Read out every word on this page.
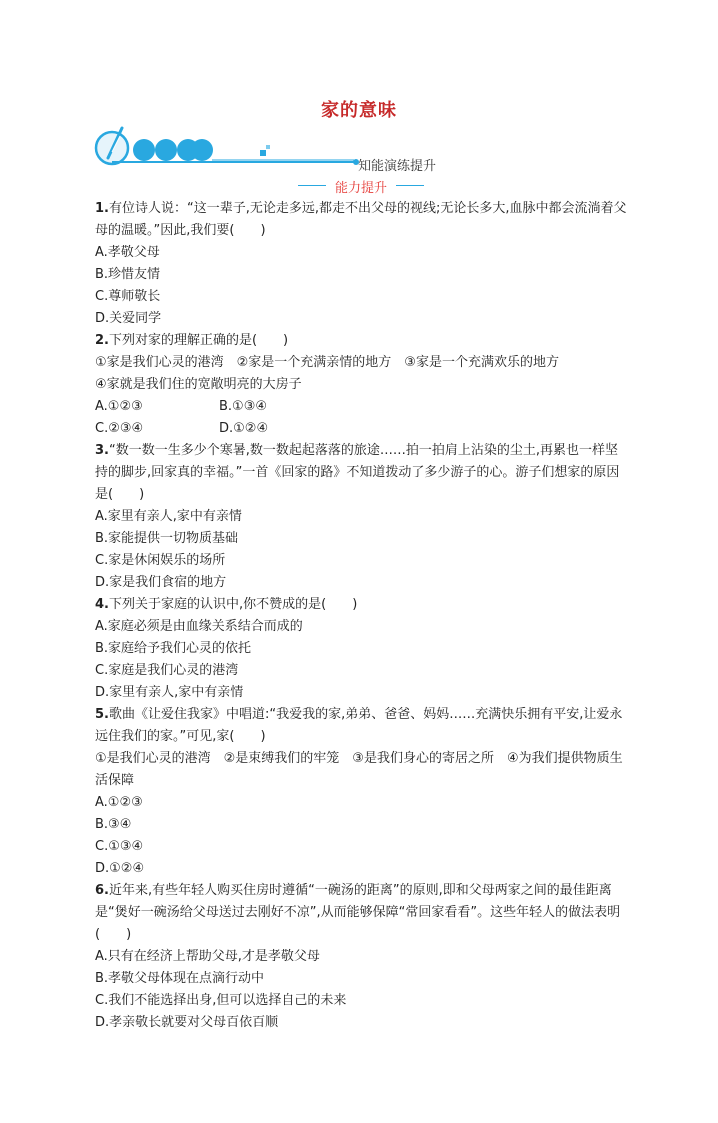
家的意味
知能演练提升
能力提升

1.有位诗人说：“这一辈子,无论走多远,都走不出父母的视线;无论长多大,血脉中都会流淌着父母的温暖。”因此,我们要(　　)

A.孝敬父母

B.珍惜友情

C.尊师敬长

D.关爱同学

2.下列对家的理解正确的是(　　)

①家是我们心灵的港湾　②家是一个充满亲情的地方　③家是一个充满欢乐的地方

④家就是我们住的宽敞明亮的大房子

A.①②③	B.①③④

C.②③④	D.①②④

3.“数一数一生多少个寒暑,数一数起起落落的旅途……拍一拍肩上沾染的尘土,再累也一样坚持的脚步,回家真的幸福。”一首《回家的路》不知道拨动了多少游子的心。游子们想家的原因是(　　)

A.家里有亲人,家中有亲情

B.家能提供一切物质基础

C.家是休闲娱乐的场所

D.家是我们食宿的地方

4.下列关于家庭的认识中,你不赞成的是(　　)

A.家庭必须是由血缘关系结合而成的

B.家庭给予我们心灵的依托

C.家庭是我们心灵的港湾

D.家里有亲人,家中有亲情

5.歌曲《让爱住我家》中唱道:“我爱我的家,弟弟、爸爸、妈妈……充满快乐拥有平安,让爱永远住我们的家。”可见,家(　　)

①是我们心灵的港湾　②是束缚我们的牢笼　③是我们身心的寄居之所　④为我们提供物质生活保障

A.①②③

B.③④

C.①③④

D.①②④

6.近年来,有些年轻人购买住房时遵循“一碗汤的距离”的原则,即和父母两家之间的最佳距离是“煲好一碗汤给父母送过去刚好不凉”,从而能够保障“常回家看看”。这些年轻人的做法表明(　　)

A.只有在经济上帮助父母,才是孝敬父母

B.孝敬父母体现在点滴行动中

C.我们不能选择出身,但可以选择自己的未来

D.孝亲敬长就要对父母百依百顺
